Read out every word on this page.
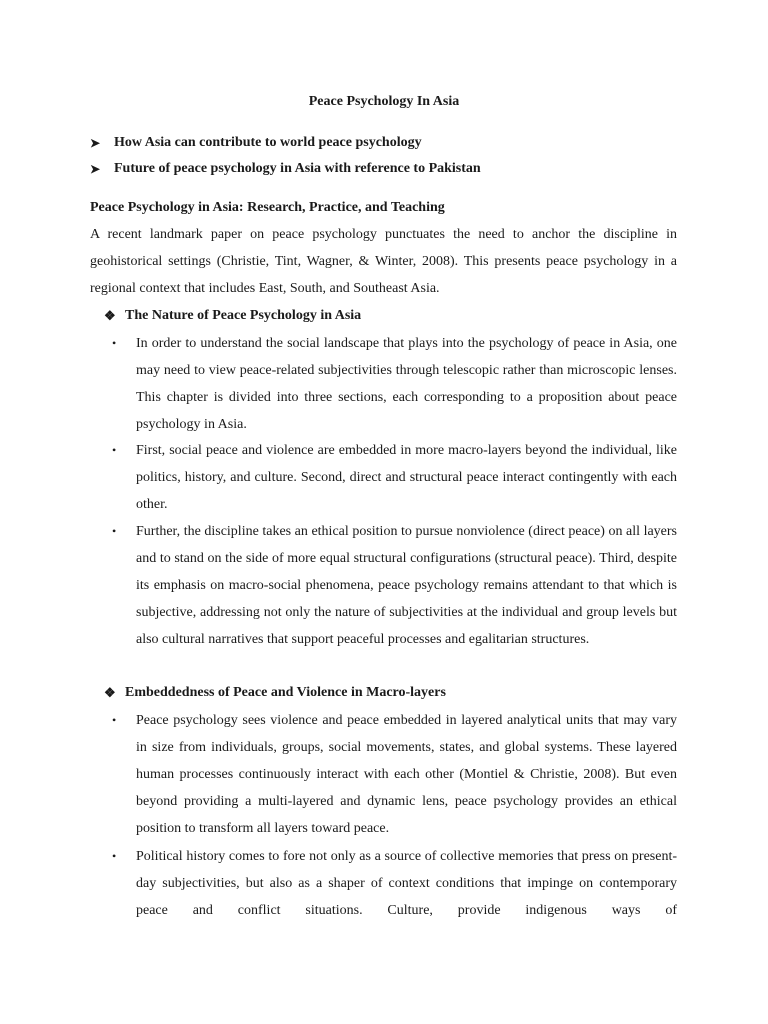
Peace Psychology In Asia
➤ How Asia can contribute to world peace psychology
➤ Future of peace psychology in Asia with reference to Pakistan
Peace Psychology in Asia: Research, Practice, and Teaching
A recent landmark paper on peace psychology punctuates the need to anchor the discipline in geohistorical settings (Christie, Tint, Wagner, & Winter, 2008). This presents peace psychology in a regional context that includes East, South, and Southeast Asia.
❖ The Nature of Peace Psychology in Asia
•	In order to understand the social landscape that plays into the psychology of peace in Asia, one may need to view peace-related subjectivities through telescopic rather than microscopic lenses. This chapter is divided into three sections, each corresponding to a proposition about peace psychology in Asia.
•	First, social peace and violence are embedded in more macro-layers beyond the individual, like politics, history, and culture. Second, direct and structural peace interact contingently with each other.
•	Further, the discipline takes an ethical position to pursue nonviolence (direct peace) on all layers and to stand on the side of more equal structural configurations (structural peace). Third, despite its emphasis on macro-social phenomena, peace psychology remains attendant to that which is subjective, addressing not only the nature of subjectivities at the individual and group levels but also cultural narratives that support peaceful processes and egalitarian structures.
❖ Embeddedness of Peace and Violence in Macro-layers
•	Peace psychology sees violence and peace embedded in layered analytical units that may vary in size from individuals, groups, social movements, states, and global systems. These layered human processes continuously interact with each other (Montiel & Christie, 2008). But even beyond providing a multi-layered and dynamic lens, peace psychology provides an ethical position to transform all layers toward peace.
•	Political history comes to fore not only as a source of collective memories that press on present-day subjectivities, but also as a shaper of context conditions that impinge on contemporary peace and conflict situations. Culture, provide indigenous ways of
